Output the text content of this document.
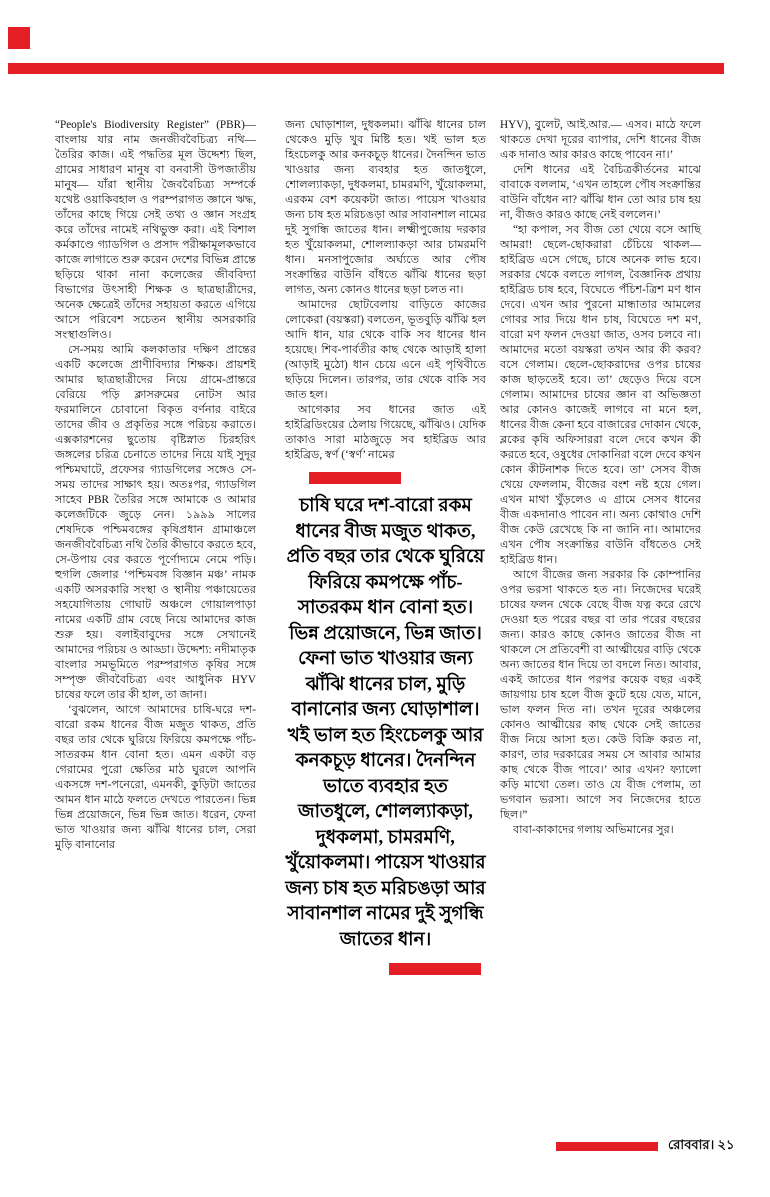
“People's Biodiversity Register” (PBR)— বাংলায় যার নাম জনজীববৈচিত্র্য নথি— তৈরির কাজ। এই পদ্ধতির মূল উদ্দেশ্য ছিল, গ্রামের সাধারণ মানুষ বা বনবাসী উপজাতীয় মানুষ— যাঁরা স্থানীয় জৈববৈচিত্র্য সম্পর্কে যথেষ্ট ওয়াকিবহাল ও পরম্পরাগত জ্ঞানে ঋদ্ধ, তাঁদের কাছে গিয়ে সেই তথ্য ও জ্ঞান সংগ্রহ করে তাঁদের নামেই নথিভুক্ত করা। এই বিশাল কর্মকাণ্ডে গ্যাডগিল ও প্রসাদ পরীক্ষামূলকভাবে কাজে লাগাতে শুরু করেন দেশের বিভিন্ন প্রান্তে ছড়িয়ে থাকা নানা কলেজের জীববিদ্যা বিভাগের উৎসাহী শিক্ষক ও ছাত্রছাত্রীদের, অনেক ক্ষেত্রেই তাঁদের সহায়তা করতে এগিয়ে আসে পরিবেশ সচেতন স্থানীয় অসরকারি সংস্থাগুলিও।

সে-সময় আমি কলকাতার দক্ষিণ প্রান্তের একটি কলেজে প্রাণীবিদ্যার শিক্ষক। প্রায়শই আমার ছাত্রছাত্রীদের নিয়ে গ্রামে-প্রান্তরে বেরিয়ে পড়ি ক্লাসরুমের নোটস আর ফরমালিনে চোবানো বিকৃত বর্ণনার বাইরে তাদের জীব ও প্রকৃতির সঙ্গে পরিচয় করাতে। এক্সকারশনের ছুতোয় বৃষ্টিস্নাত চিরহরিৎ জঙ্গলের চরিত্র চেনাতে তাদের নিয়ে যাই সুদূর পশ্চিমঘাটে, প্রফেসর গ্যাডগিলের সঙ্গেও সে-সময় তাদের সাক্ষাৎ হয়। অতঃপর, গ্যাডগিল সাহেব PBR তৈরির সঙ্গে আমাকে ও আমার কলেজটিকে জুড়ে নেন। ১৯৯৯ সালের শেষদিকে পশ্চিমবঙ্গের কৃষিপ্রধান গ্রামাঞ্চলে জনজীববৈচিত্র্য নথি তৈরি কীভাবে করতে হবে, সে-উপায় বের করতে পূর্ণোদ্যমে নেমে পড়ি। হুগলি জেলার ‘পশ্চিমবঙ্গ বিজ্ঞান মঞ্চ’ নামক একটি অসরকারি সংস্থা ও স্থানীয় পঞ্চায়েতের সহযোগিতায় গোঘাট অঞ্চলে গোয়ালপাড়া নামের একটি গ্রাম বেছে নিয়ে আমাদের কাজ শুরু হয়। বলাইবাবুদের সঙ্গে সেখানেই আমাদের পরিচয় ও আড্ডা। উদ্দেশ্য: নদীমাতৃক বাংলার সমভূমিতে পরম্পরাগত কৃষির সঙ্গে সম্পৃক্ত জীববৈচিত্র্য এবং আধুনিক HYV চাষের ফলে তার কী হাল, তা জানা।

‘বুঝলেন, আগে আমাদের চাষি-ঘরে দশ-বারো রকম ধানের বীজ মজুত থাকত, প্রতি বছর তার থেকে ঘুরিয়ে ফিরিয়ে কমপক্ষে পাঁচ-সাতরকম ধান বোনা হত। এমন একটা বড় গেরামের পুরো ক্ষেতির মাঠ ঘুরলে আপনি একসঙ্গে দশ-পনেরো, এমনকী, কুড়িটা জাতের আমন ধান মাঠে ফলতে দেখতে পারতেন। ভিন্ন ভিন্ন প্রয়োজনে, ভিন্ন ভিন্ন জাত। ধরেন, ফেনা ভাত খাওয়ার জন্য ঝাঁঝি ধানের চাল, সেরা মুড়ি বানানোর

জন্য ঘোড়াশাল, দুধকলমা। ঝাঁঝি ধানের চাল থেকেও মুড়ি খুব মিষ্টি হত। খই ভাল হত হিংচেলকু আর কনকচূড় ধানের। দৈনন্দিন ভাত খাওয়ার জন্য ব্যবহার হত জাতধুলে, শোলল্যাকড়া, দুধকলমা, চামরমণি, খুঁয়োকলমা, এরকম বেশ কয়েকটা জাত। পায়েস খাওয়ার জন্য চাষ হত মরিচঙড়া আর সাবানশাল নামের দুই সুগন্ধি জাতের ধান। লক্ষ্মীপুজোয় দরকার হত খুঁয়োকলমা, শোলল্যাকড়া আর চামরমণি ধান। মনসাপুজোর অর্ঘ্যতে আর পৌষ সংক্রান্তির বাউনি বাঁধতে ঝাঁঝি ধানের ছড়া লাগত, অন্য কোনও ধানের ছড়া চলত না।

আমাদের ছোটবেলায় বাড়িতে কাজের লোকেরা (বয়স্করা) বলতেন, ভূতবুড়ি ঝাঁঝি হল আদি ধান, যার থেকে বাকি সব ধানের ধান হয়েছে। শিব-পার্বতীর কাছ থেকে আড়াই হালা (আড়াই মুঠো) ধান চেয়ে এনে এই পৃথিবীতে ছড়িয়ে দিলেন। তারপর, তার থেকে বাকি সব জাত হল।

আগেকার সব ধানের জাত এই হাইব্রিডিংয়ের ঠেলায় গিয়েছে, ঝাঁঝিও। যেদিক তাকাও সারা মাঠজুড়ে সব হাইব্রিড আর হাইব্রিড, স্বর্ণ (‘স্বর্ণ’ নামের

চাষি ঘরে দশ-বারো রকম ধানের বীজ মজুত থাকত, প্রতি বছর তার থেকে ঘুরিয়ে ফিরিয়ে কমপক্ষে পাঁচ-সাতরকম ধান বোনা হত। ভিন্ন প্রয়োজনে, ভিন্ন জাত। ফেনা ভাত খাওয়ার জন্য ঝাঁঝি ধানের চাল, মুড়ি বানানোর জন্য ঘোড়াশাল। খই ভাল হত হিংচেলকু আর কনকচূড় ধানের। দৈনন্দিন ভাতে ব্যবহার হত জাতধুলে, শোলল্যাকড়া, দুধকলমা, চামরমণি, খুঁয়োকলমা। পায়েস খাওয়ার জন্য চাষ হত মরিচঙড়া আর সাবানশাল নামের দুই সুগন্ধি জাতের ধান।

HYV), বুলেট, আই.আর.— এসব। মাঠে ফলে থাকতে দেখা দূরের ব্যাপার, দেশি ধানের বীজ এক দানাও আর কারও কাছে পাবেন না।’

দেশি ধানের এই বৈচিত্রকীর্তনের মাঝে বাবাকে বললাম, ‘এখন তাহলে পৌষ সংক্রান্তির বাউনি বাঁধেন না? ঝাঁঝি ধান তো আর চাষ হয় না, বীজও কারও কাছে নেই বললেন।’

“হা কপাল, সব বীজ তো খেয়ে বসে আছি আমরা! ছেলে-ছোকরারা চেঁচিয়ে থাকল— হাইব্রিড এসে গেছে, চাষে অনেক লাভ হবে। সরকার থেকে বলতে লাগল, বৈজ্ঞানিক প্রথায় হাইব্রিড চাষ হবে, বিঘেতে পঁচিশ-ত্রিশ মণ ধান দেবে। এখন আর পুরনো মান্ধাতার আমলের গোবর সার দিয়ে ধান চাষ, বিঘেতে দশ মণ, বারো মণ ফলন দেওয়া জাত, ওসব চলবে না। আমাদের মতো বয়স্করা তখন আর কী করব? বসে গেলাম। ছেলে-ছোকরাদের ওপর চাষের কাজ ছাড়তেই হবে। তা’ ছেড়েও দিয়ে বসে গেলাম। আমাদের চাষের জ্ঞান বা অভিজ্ঞতা আর কোনও কাজেই লাগবে না মনে হল, ধানের বীজ কেনা হবে বাজারের দোকান থেকে, ব্লকের কৃষি অফিসাররা বলে দেবে কখন কী করতে হবে, ওষুধের দোকানিরা বলে দেবে কখন কোন কীটনাশক দিতে হবে। তা’ সেসব বীজ খেয়ে ফেললাম, বীজের বংশ নষ্ট হয়ে গেল। এখন মাথা খুঁড়লেও এ গ্রামে সেসব ধানের বীজ একদানাও পাবেন না। অন্য কোথাও দেশি বীজ কেউ রেখেছে কি না জানি না। আমাদের এখন পৌষ সংক্রান্তির বাউনি বাঁধতেও সেই হাইব্রিড ধান।

আগে বীজের জন্য সরকার কি কোম্পানির ওপর ভরসা থাকতে হত না। নিজেদের ঘরেই চাষের ফলন থেকে বেছে বীজ যত্ন করে রেখে দেওয়া হত পরের বছর বা তার পরের বছরের জন্য। কারও কাছে কোনও জাতের বীজ না থাকলে সে প্রতিবেশী বা আত্মীয়ের বাড়ি থেকে অন্য জাতের ধান দিয়ে তা বদলে নিত। আবার, একই জাতের ধান পরপর কয়েক বছর একই জায়গায় চাষ হলে বীজ কুটে হয়ে যেত, মানে, ভাল ফলন দিত না। তখন দূরের অঞ্চলের কোনও আত্মীয়ের কাছ থেকে সেই জাতের বীজ নিয়ে আসা হত। কেউ বিক্রি করত না, কারণ, তার দরকারের সময় সে আবার আমার কাছ থেকে বীজ পাবে।’ আর এখন? ফ্যালো কড়ি মাখো তেল। তাও যে বীজ পেলাম, তা ভগবান ভরসা। আগে সব নিজেদের হাতে ছিল।”

বাবা-কাকাদের গলায় অভিমানের সুর।

রোববার। ২১
